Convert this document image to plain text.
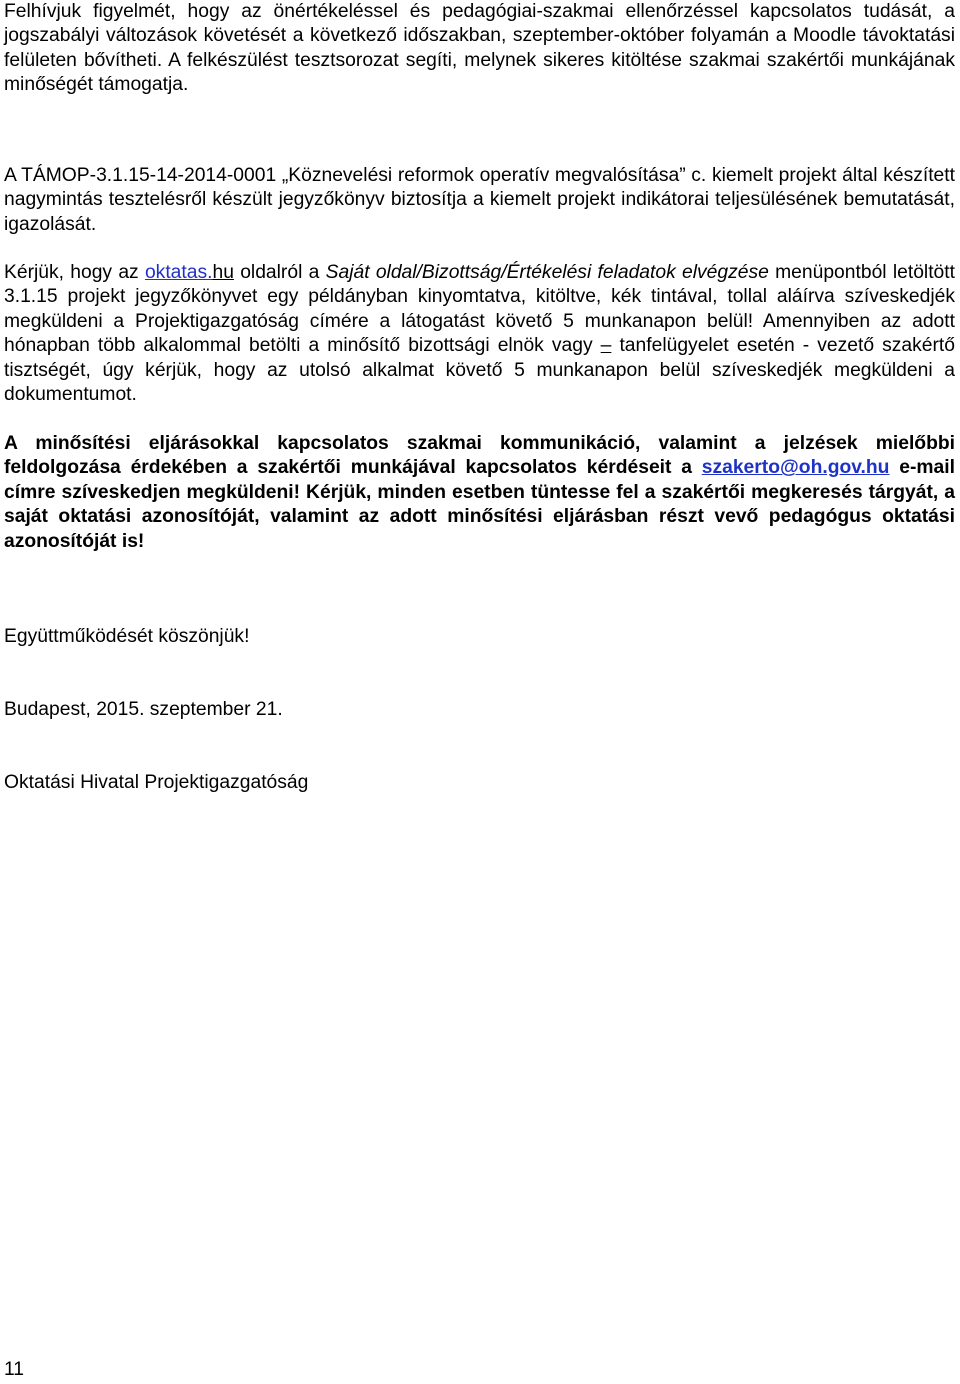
Felhívjuk figyelmét, hogy az önértékeléssel és pedagógiai-szakmai ellenőrzéssel kapcsolatos tudását, a jogszabályi változások követését a következő időszakban, szeptember-október folyamán a Moodle távoktatási felületen bővítheti. A felkészülést tesztsorozat segíti, melynek sikeres kitöltése szakmai szakértői munkájának minőségét támogatja.

A TÁMOP-3.1.15-14-2014-0001 „Köznevelési reformok operatív megvalósítása” c. kiemelt projekt által készített nagymintás tesztelésről készült jegyzőkönyv biztosítja a kiemelt projekt indikátorai teljesülésének bemutatását, igazolását.

Kérjük, hogy az oktatas.hu oldalról a Saját oldal/Bizottság/Értékelési feladatok elvégzése menüpontból letöltött 3.1.15 projekt jegyzőkönyvet egy példányban kinyomtatva, kitöltve, kék tintával, tollal aláírva szíveskedjék megküldeni a Projektigazgatóság címére a látogatást követő 5 munkanapon belül! Amennyiben az adott hónapban több alkalommal betölti a minősítő bizottsági elnök vagy – tanfelügyelet esetén - vezető szakértő tisztségét, úgy kérjük, hogy az utolsó alkalmat követő 5 munkanapon belül szíveskedjék megküldeni a dokumentumot.

A minősítési eljárásokkal kapcsolatos szakmai kommunikáció, valamint a jelzések mielőbbi feldolgozása érdekében a szakértői munkájával kapcsolatos kérdéseit a szakerto@oh.gov.hu e-mail címre szíveskedjen megküldeni! Kérjük, minden esetben tüntesse fel a szakértői megkeresés tárgyát, a saját oktatási azonosítóját, valamint az adott minősítési eljárásban részt vevő pedagógus oktatási azonosítóját is!

Együttműködését köszönjük!

Budapest, 2015. szeptember 21.

Oktatási Hivatal Projektigazgatóság

11
